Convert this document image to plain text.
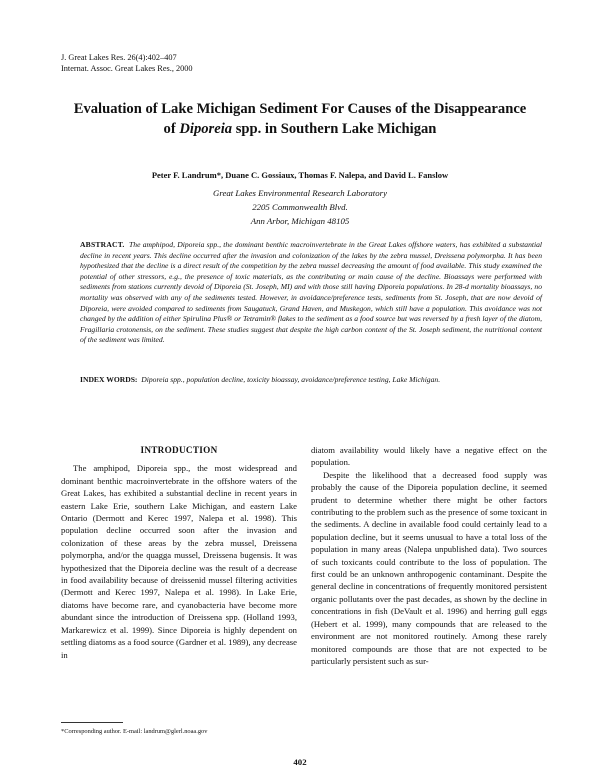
J. Great Lakes Res. 26(4):402–407
Internat. Assoc. Great Lakes Res., 2000
Evaluation of Lake Michigan Sediment For Causes of the Disappearance
of Diporeia spp. in Southern Lake Michigan
Peter F. Landrum*, Duane C. Gossiaux, Thomas F. Nalepa, and David L. Fanslow
Great Lakes Environmental Research Laboratory
2205 Commonwealth Blvd.
Ann Arbor, Michigan 48105

ABSTRACT. The amphipod, Diporeia spp., the dominant benthic macroinvertebrate in the Great Lakes offshore waters, has exhibited a substantial decline in recent years. This decline occurred after the invasion and colonization of the lakes by the zebra mussel, Dreissena polymorpha. It has been hypothesized that the decline is a direct result of the competition by the zebra mussel decreasing the amount of food available. This study examined the potential of other stressors, e.g., the presence of toxic materials, as the contributing or main cause of the decline. Bioassays were performed with sediments from stations currently devoid of Diporeia (St. Joseph, MI) and with those still having Diporeia populations. In 28-d mortality bioassays, no mortality was observed with any of the sediments tested. However, in avoidance/preference tests, sediments from St. Joseph, that are now devoid of Diporeia, were avoided compared to sediments from Saugatuck, Grand Haven, and Muskegon, which still have a population. This avoidance was not changed by the addition of either Spirulina Plus® or Tetramin® flakes to the sediment as a food source but was reversed by a fresh layer of the diatom, Fragillaria crotonensis, on the sediment. These studies suggest that despite the high carbon content of the St. Joseph sediment, the nutritional content of the sediment was limited.

INDEX WORDS: Diporeia spp., population decline, toxicity bioassay, avoidance/preference testing, Lake Michigan.

INTRODUCTION

The amphipod, Diporeia spp., the most widespread and dominant benthic macroinvertebrate in the offshore waters of the Great Lakes, has exhibited a substantial decline in recent years in eastern Lake Erie, southern Lake Michigan, and eastern Lake Ontario (Dermott and Kerec 1997, Nalepa et al. 1998). This population decline occurred soon after the invasion and colonization of these areas by the zebra mussel, Dreissena polymorpha, and/or the quagga mussel, Dreissena bugensis. It was hypothesized that the Diporeia decline was the result of a decrease in food availability because of dreissenid mussel filtering activities (Dermott and Kerec 1997, Nalepa et al. 1998). In Lake Erie, diatoms have become rare, and cyanobacteria have become more abundant since the introduction of Dreissena spp. (Holland 1993, Markarewicz et al. 1999). Since Diporeia is highly dependent on settling diatoms as a food source (Gardner et al. 1989), any decrease in

diatom availability would likely have a negative effect on the population.

Despite the likelihood that a decreased food supply was probably the cause of the Diporeia population decline, it seemed prudent to determine whether there might be other factors contributing to the problem such as the presence of some toxicant in the sediments. A decline in available food could certainly lead to a population decline, but it seems unusual to have a total loss of the population in many areas (Nalepa unpublished data). Two sources of such toxicants could contribute to the loss of population. The first could be an unknown anthropogenic contaminant. Despite the general decline in concentrations of frequently monitored persistent organic pollutants over the past decades, as shown by the decline in concentrations in fish (DeVault et al. 1996) and herring gull eggs (Hebert et al. 1999), many compounds that are released to the environment are not monitored routinely. Among these rarely monitored compounds are those that are not expected to be particularly persistent such as sur-

*Corresponding author. E-mail: landrum@glerl.noaa.gov
402
